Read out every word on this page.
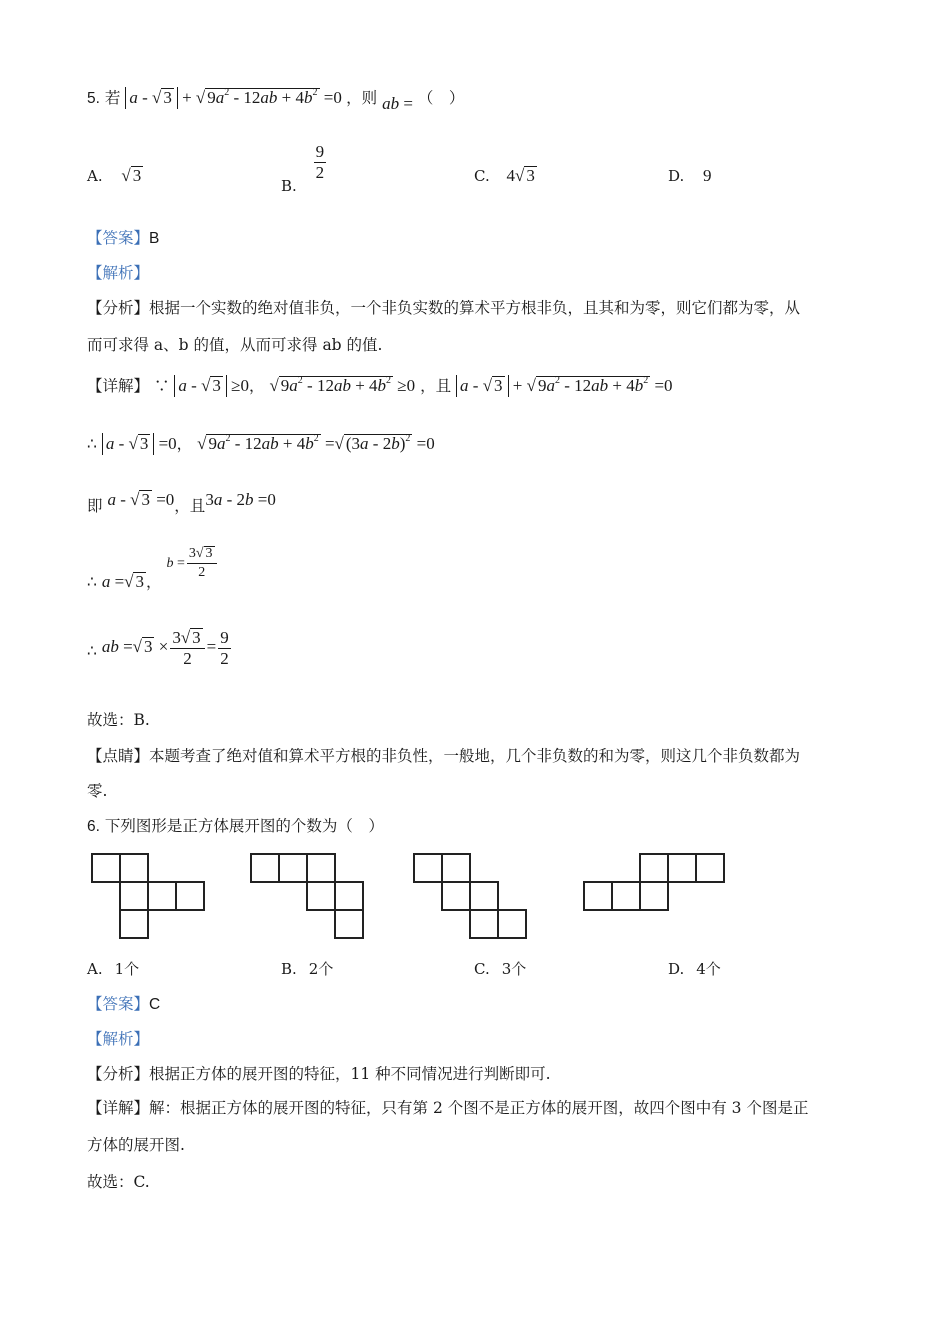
5. 若 a - √ 3 + √ $9a^2 - 12ab + 4b^2 =0$ ，则 ab = （　）
A. √ 3
B.
$\frac{9}{2}$	C. 4√ 3	D. 9
【答案】B
【解析】
【分析】根据一个实数的绝对值非负，一个非负实数的算术平方根非负，且其和为零，则它们都为零，从
而可求得 a、b 的值，从而可求得 ab 的值.
【详解】 ∵ a - √ 3 ≥0， √ $9a^2 - 12ab + 4b^2 \ge 0$ ，且 a - √ 3 + √ $9a^2 - 12ab + 4b^2 =0$
∴ a - √ 3 =0， √ $9a^2 - 12ab + 4b^2$ =√ (3a - 2b)$^2$ =0
即 a - √ 3 =0，且3a - 2b =0
∴ a =√ 3 ， $b = \frac{3√ 3}{2}$
∴ ab =√ $3 \times \frac{3√ 3}{2} = \frac{9}{2}$
故选：B.
【点睛】本题考查了绝对值和算术平方根的非负性，一般地，几个非负数的和为零，则这几个非负数都为
零.
6. 下列图形是正方体展开图的个数为（　）
A. 1个	B. 2个	C. 3个	D. 4个
【答案】C
【解析】
【分析】根据正方体的展开图的特征，11 种不同情况进行判断即可.
【详解】解：根据正方体的展开图的特征，只有第 2 个图不是正方体的展开图，故四个图中有 3 个图是正
方体的展开图.
故选：C.
